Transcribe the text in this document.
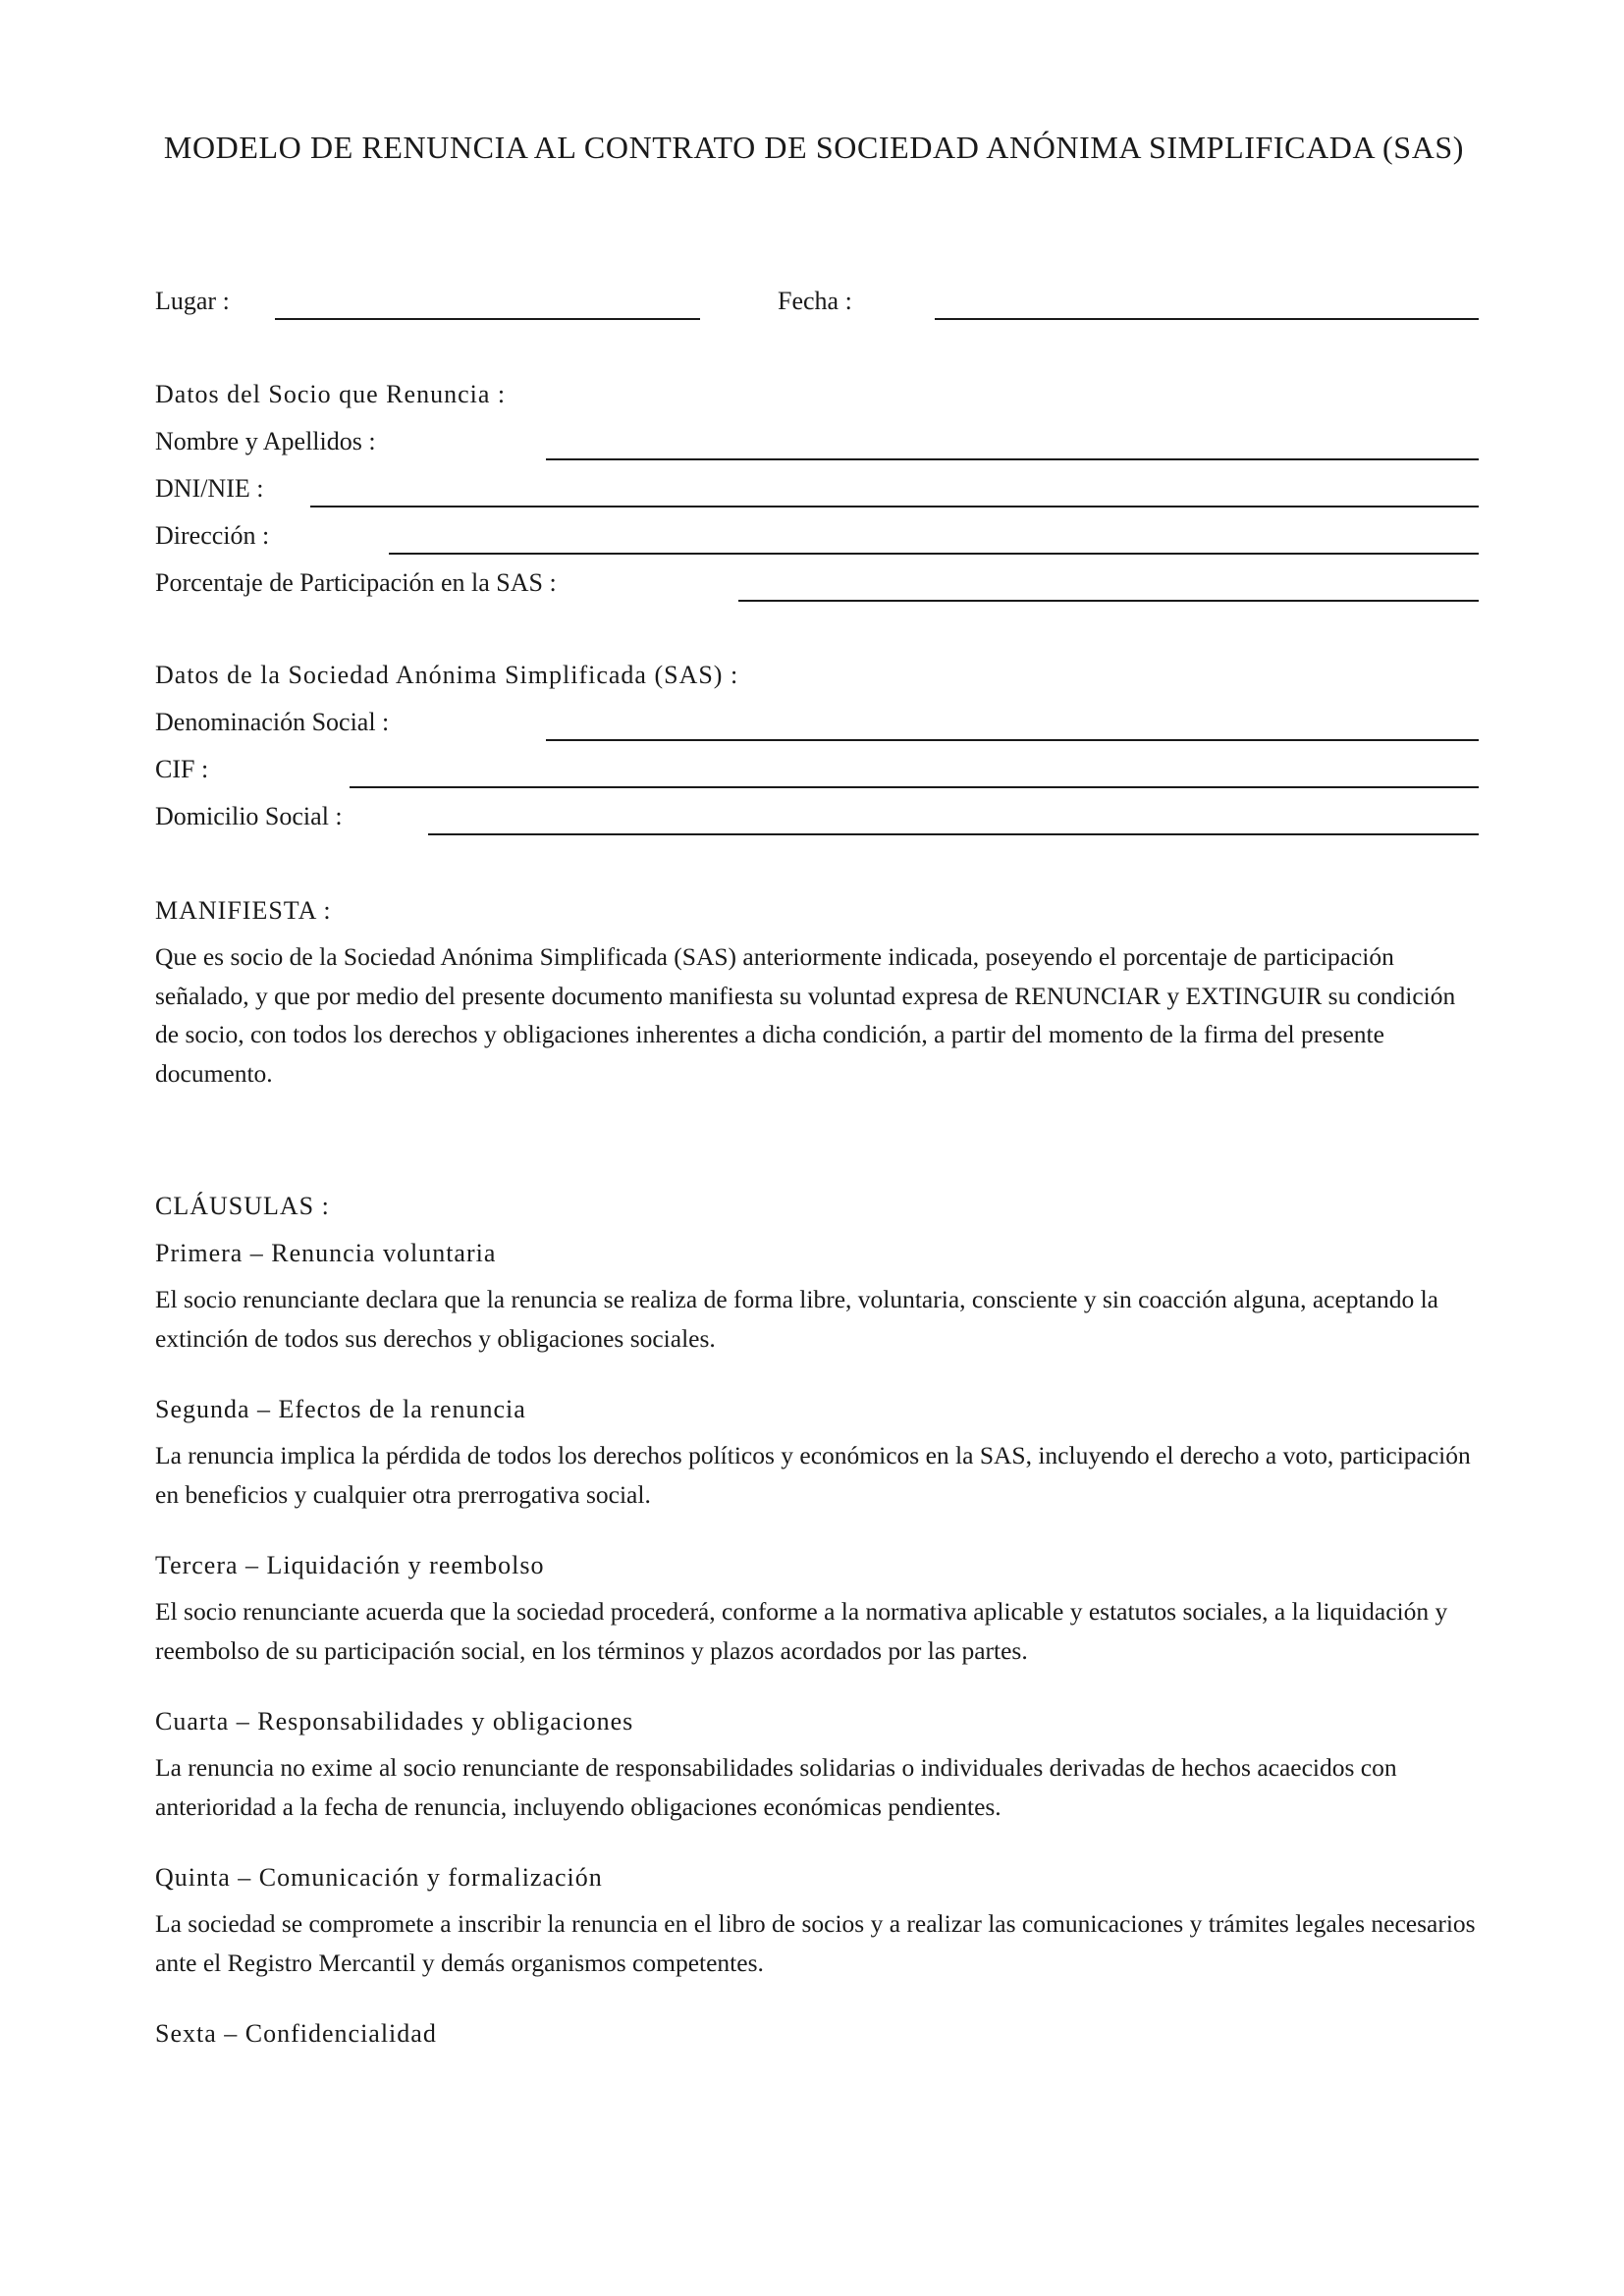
MODELO DE RENUNCIA AL CONTRATO DE SOCIEDAD ANÓNIMA SIMPLIFICADA (SAS)
Lugar :	Fecha :
Datos del Socio que Renuncia :
Nombre y Apellidos :
DNI/NIE :
Dirección :
Porcentaje de Participación en la SAS :
Datos de la Sociedad Anónima Simplificada (SAS) :
Denominación Social :
CIF :
Domicilio Social :
MANIFIESTA :
Que es socio de la Sociedad Anónima Simplificada (SAS) anteriormente indicada, poseyendo el porcentaje de participación señalado, y que por medio del presente documento manifiesta su voluntad expresa de RENUNCIAR y EXTINGUIR su condición de socio, con todos los derechos y obligaciones inherentes a dicha condición, a partir del momento de la firma del presente documento.
CLÁUSULAS :
Primera – Renuncia voluntaria
El socio renunciante declara que la renuncia se realiza de forma libre, voluntaria, consciente y sin coacción alguna, aceptando la extinción de todos sus derechos y obligaciones sociales.
Segunda – Efectos de la renuncia
La renuncia implica la pérdida de todos los derechos políticos y económicos en la SAS, incluyendo el derecho a voto, participación en beneficios y cualquier otra prerrogativa social.
Tercera – Liquidación y reembolso
El socio renunciante acuerda que la sociedad procederá, conforme a la normativa aplicable y estatutos sociales, a la liquidación y reembolso de su participación social, en los términos y plazos acordados por las partes.
Cuarta – Responsabilidades y obligaciones
La renuncia no exime al socio renunciante de responsabilidades solidarias o individuales derivadas de hechos acaecidos con anterioridad a la fecha de renuncia, incluyendo obligaciones económicas pendientes.
Quinta – Comunicación y formalización
La sociedad se compromete a inscribir la renuncia en el libro de socios y a realizar las comunicaciones y trámites legales necesarios ante el Registro Mercantil y demás organismos competentes.
Sexta – Confidencialidad
